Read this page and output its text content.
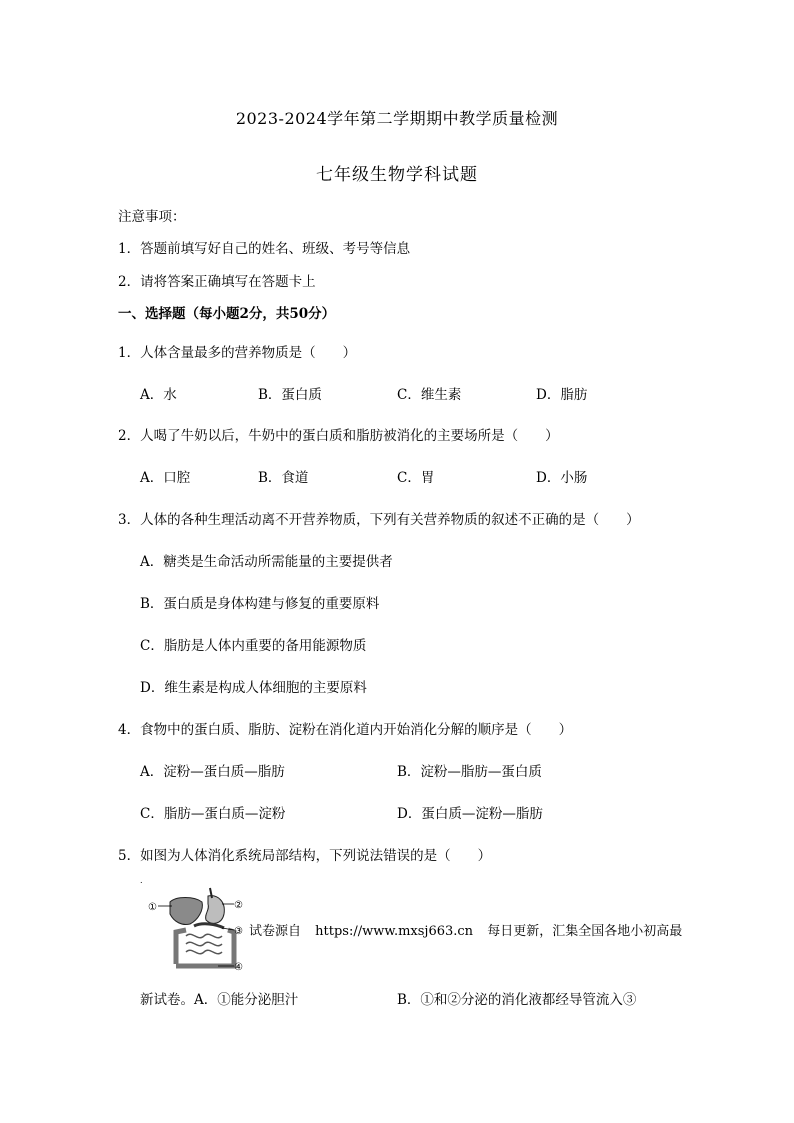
2023-2024学年第二学期期中教学质量检测
七年级生物学科试题
注意事项：
1．答题前填写好自己的姓名、班级、考号等信息
2．请将答案正确填写在答题卡上
一、选择题（每小题2分，共50分）
1．人体含量最多的营养物质是（　　）
A．水	B．蛋白质	C．维生素	D．脂肪
2．人喝了牛奶以后，牛奶中的蛋白质和脂肪被消化的主要场所是（　　）
A．口腔	B．食道	C．胃	D．小肠
3．人体的各种生理活动离不开营养物质，下列有关营养物质的叙述不正确的是（　　）
A．糖类是生命活动所需能量的主要提供者
B．蛋白质是身体构建与修复的重要原料
C．脂肪是人体内重要的备用能源物质
D．维生素是构成人体细胞的主要原料
4．食物中的蛋白质、脂肪、淀粉在消化道内开始消化分解的顺序是（　　）
A．淀粉—蛋白质—脂肪	B．淀粉—脂肪—蛋白质
C．脂肪—蛋白质—淀粉	D．蛋白质—淀粉—脂肪
5．如图为人体消化系统局部结构，下列说法错误的是（　　）
.
①	②
③
④
试卷源自 https://www.mxsj663.cn 每日更新，汇集全国各地小初高最
新试卷。A．①能分泌胆汁	B．①和②分泌的消化液都经导管流入③
